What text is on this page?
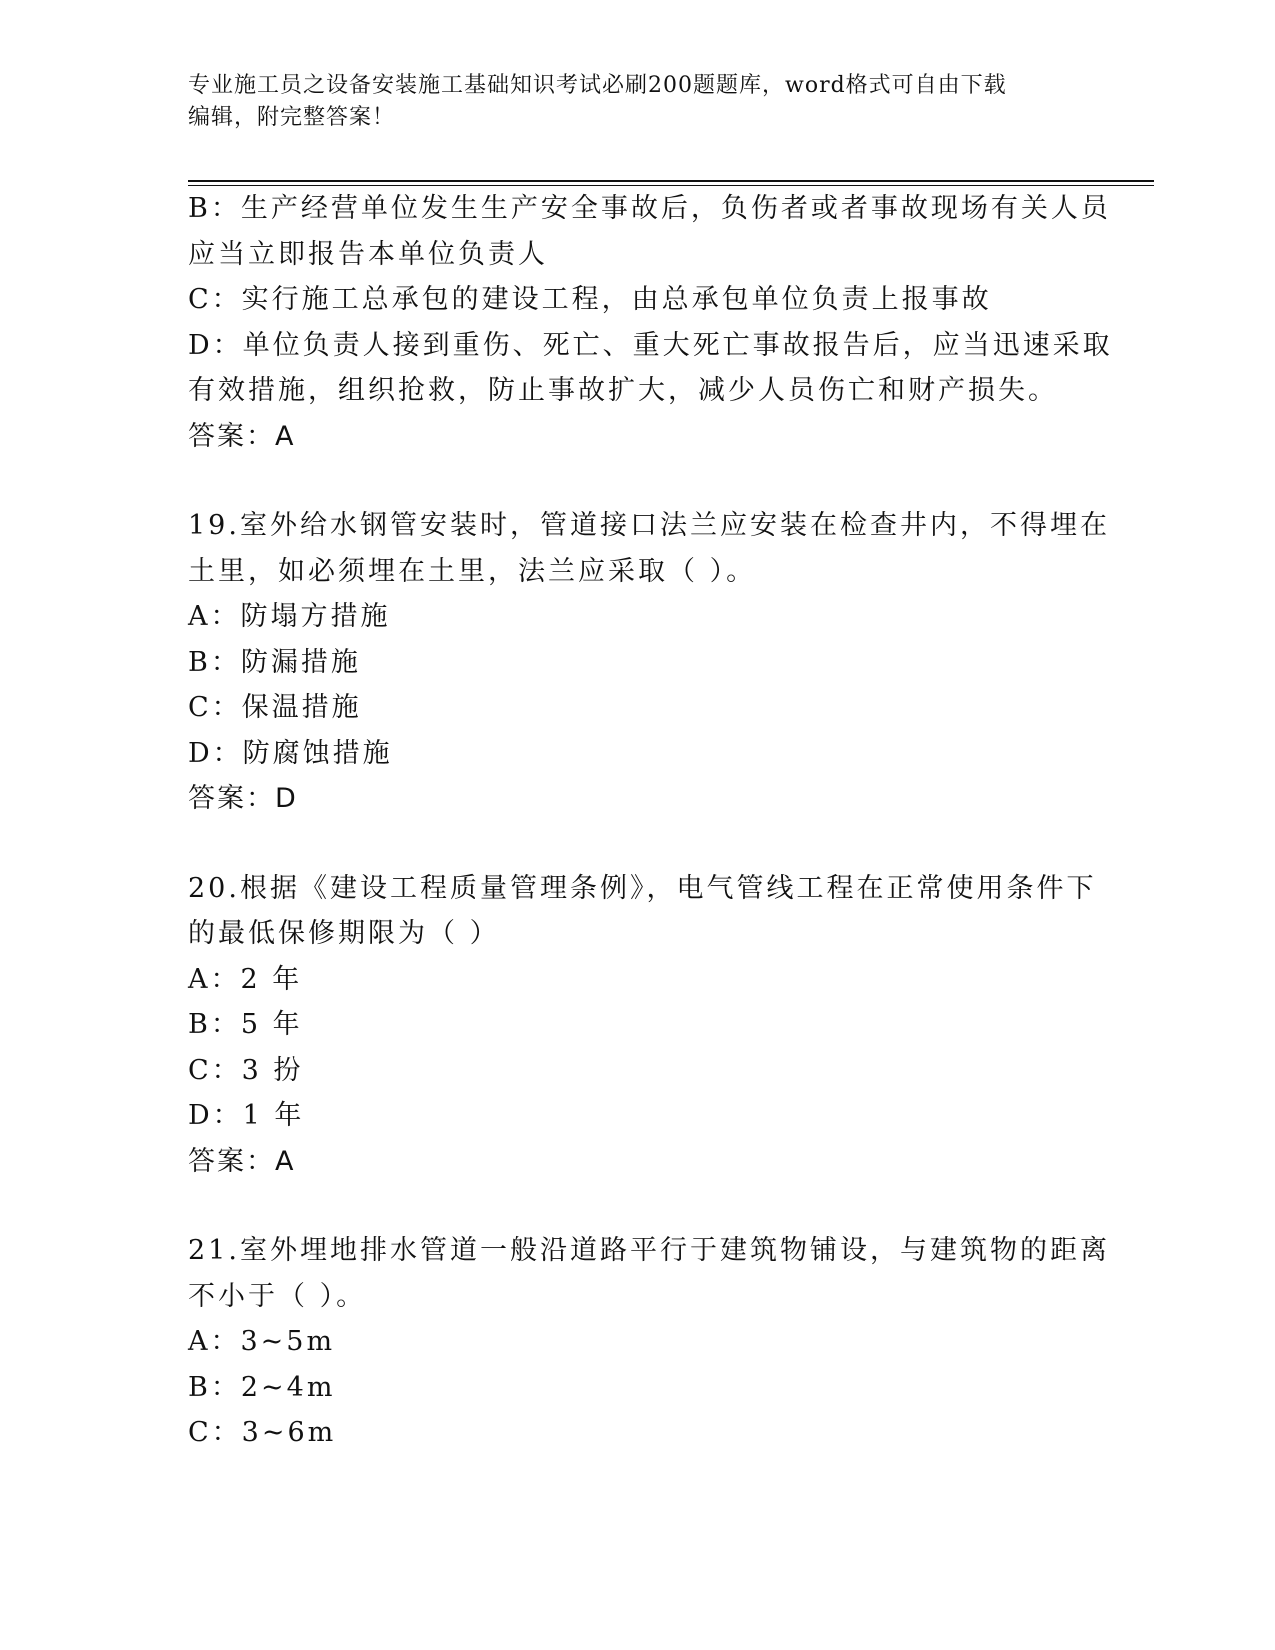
专业施工员之设备安装施工基础知识考试必刷200题题库，word格式可自由下载
编辑，附完整答案！
B：生产经营单位发生生产安全事故后，负伤者或者事故现场有关人员
应当立即报告本单位负责人
C：实行施工总承包的建设工程，由总承包单位负责上报事故
D：单位负责人接到重伤、死亡、重大死亡事故报告后，应当迅速采取
有效措施，组织抢救，防止事故扩大，减少人员伤亡和财产损失。
答案：A
19.室外给水钢管安装时，管道接口法兰应安装在检查井内，不得埋在
土里，如必须埋在土里，法兰应采取（ ）。
A：防塌方措施
B：防漏措施
C：保温措施
D：防腐蚀措施
答案：D
20.根据《建设工程质量管理条例》，电气管线工程在正常使用条件下
的最低保修期限为（ ）
A：2 年
B：5 年
C：3 扮
D：1 年
答案：A
21.室外埋地排水管道一般沿道路平行于建筑物铺设，与建筑物的距离
不小于（ ）。
A：3~5m
B：2~4m
C：3~6m
